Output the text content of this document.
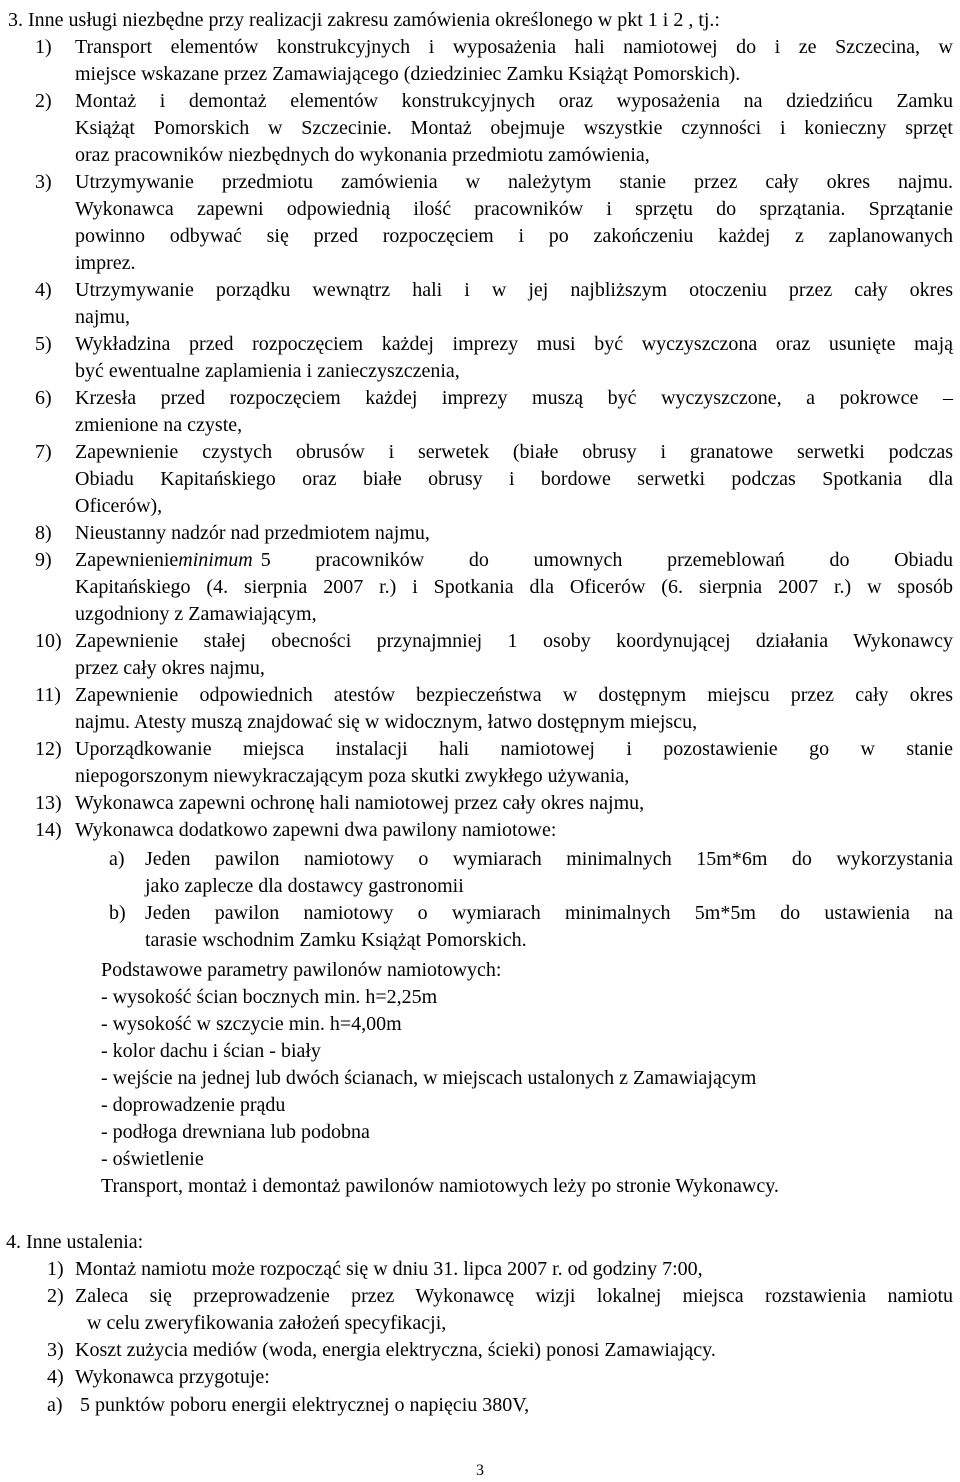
3. Inne usługi niezbędne przy realizacji zakresu zamówienia określonego w pkt 1 i 2 , tj.:
1) Transport elementów konstrukcyjnych i wyposażenia hali namiotowej do i ze Szczecina, w
miejsce wskazane przez Zamawiającego (dziedziniec Zamku Książąt Pomorskich).
2) Montaż i demontaż elementów konstrukcyjnych oraz wyposażenia na dziedzińcu Zamku
Książąt Pomorskich w Szczecinie. Montaż obejmuje wszystkie czynności i konieczny sprzęt
oraz pracowników niezbędnych do wykonania przedmiotu zamówienia,
3) Utrzymywanie przedmiotu zamówienia w należytym stanie przez cały okres najmu.
Wykonawca zapewni odpowiednią ilość pracowników i sprzętu do sprzątania. Sprzątanie
powinno odbywać się przed rozpoczęciem i po zakończeniu każdej z zaplanowanych
imprez.
4) Utrzymywanie porządku wewnątrz hali i w jej najbliższym otoczeniu przez cały okres
najmu,
5) Wykładzina przed rozpoczęciem każdej imprezy musi być wyczyszczona oraz usunięte mają
być ewentualne zaplamienia i zanieczyszczenia,
6) Krzesła przed rozpoczęciem każdej imprezy muszą być wyczyszczone, a pokrowce –
zmienione na czyste,
7) Zapewnienie czystych obrusów i serwetek (białe obrusy i granatowe serwetki podczas
Obiadu Kapitańskiego oraz białe obrusy i bordowe serwetki podczas Spotkania dla
Oficerów),
8) Nieustanny nadzór nad przedmiotem najmu,
9) Zapewnienie minimum 5 pracowników do umownych przemeblowań do Obiadu
Kapitańskiego (4. sierpnia 2007 r.) i Spotkania dla Oficerów (6. sierpnia 2007 r.) w sposób
uzgodniony z Zamawiającym,
10) Zapewnienie stałej obecności przynajmniej 1 osoby koordynującej działania Wykonawcy
przez cały okres najmu,
11) Zapewnienie odpowiednich atestów bezpieczeństwa w dostępnym miejscu przez cały okres
najmu. Atesty muszą znajdować się w widocznym, łatwo dostępnym miejscu,
12) Uporządkowanie miejsca instalacji hali namiotowej i pozostawienie go w stanie
niepogorszonym niewykraczającym poza skutki zwykłego używania,
13) Wykonawca zapewni ochronę hali namiotowej przez cały okres najmu,
14) Wykonawca dodatkowo zapewni dwa pawilony namiotowe:
a) Jeden pawilon namiotowy o wymiarach minimalnych 15m*6m do wykorzystania
jako zaplecze dla dostawcy gastronomii
b) Jeden pawilon namiotowy o wymiarach minimalnych 5m*5m do ustawienia na
tarasie wschodnim Zamku Książąt Pomorskich.
Podstawowe parametry pawilonów namiotowych:
- wysokość ścian bocznych min. h=2,25m
- wysokość w szczycie min. h=4,00m
- kolor dachu i ścian - biały
- wejście na jednej lub dwóch ścianach, w miejscach ustalonych z Zamawiającym
- doprowadzenie prądu
- podłoga drewniana lub podobna
- oświetlenie
Transport, montaż i demontaż pawilonów namiotowych leży po stronie Wykonawcy.
4. Inne ustalenia:
1) Montaż namiotu może rozpocząć się w dniu 31. lipca 2007 r. od godziny 7:00,
2) Zaleca się przeprowadzenie przez Wykonawcę wizji lokalnej miejsca rozstawienia namiotu
w celu zweryfikowania założeń specyfikacji,
3) Koszt zużycia mediów (woda, energia elektryczna, ścieki) ponosi Zamawiający.
4) Wykonawca przygotuje:
a) 5 punktów poboru energii elektrycznej o napięciu 380V,
3
